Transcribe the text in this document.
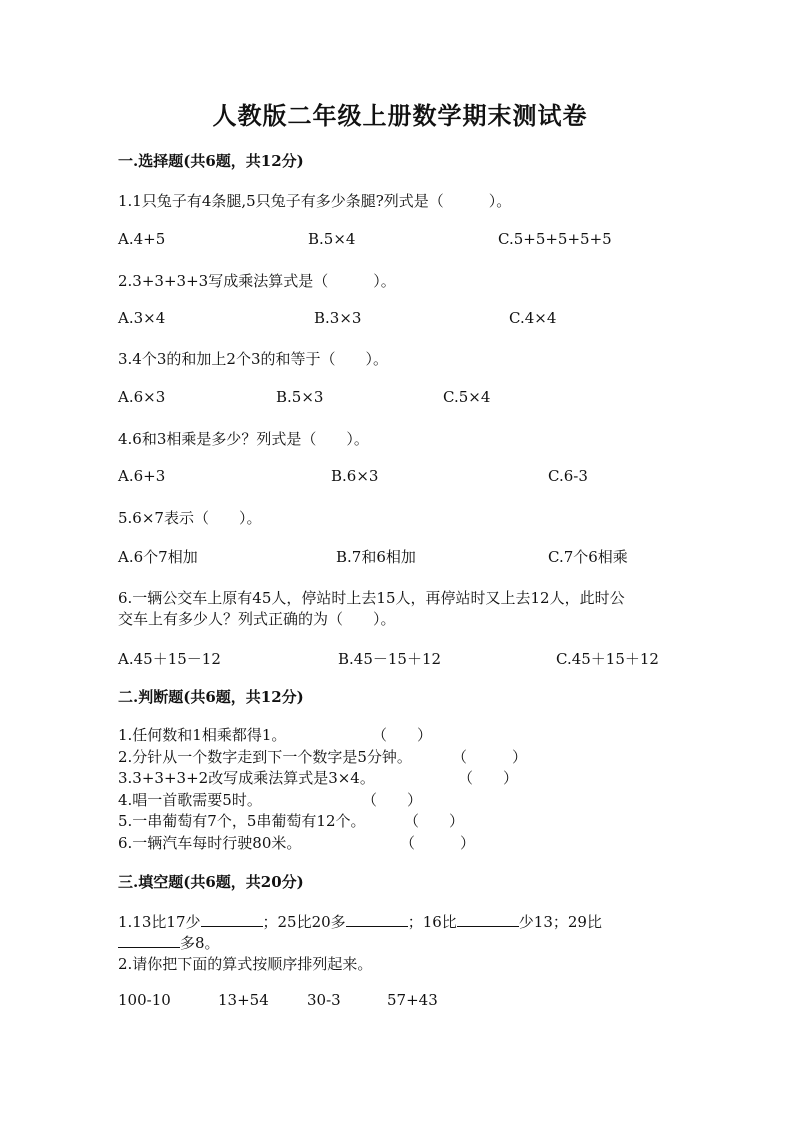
人教版二年级上册数学期末测试卷
一.选择题(共6题，共12分)
1.1只兔子有4条腿,5只兔子有多少条腿?列式是（　　　）。
A.4+5	B.5×4	C.5+5+5+5+5
2.3+3+3+3写成乘法算式是（　　　）。
A.3×4	B.3×3	C.4×4
3.4个3的和加上2个3的和等于（　　）。
A.6×3	B.5×3	C.5×4
4.6和3相乘是多少？列式是（　　）。
A.6+3	B.6×3	C.6-3
5.6×7表示（　　）。
A.6个7相加	B.7和6相加	C.7个6相乘
6.一辆公交车上原有45人，停站时上去15人，再停站时又上去12人，此时公
交车上有多少人？列式正确的为（　　）。
A.45＋15－12	B.45－15＋12	C.45＋15＋12
二.判断题(共6题，共12分)
1.任何数和1相乘都得1。	（　　）
2.分针从一个数字走到下一个数字是5分钟。	（　　　）
3.3+3+3+2改写成乘法算式是3×4。	（　　）
4.唱一首歌需要5时。	（　　）
5.一串葡萄有7个，5串葡萄有12个。	（　　）
6.一辆汽车每时行驶80米。	（　　　）
三.填空题(共6题，共20分)
1.13比17少	；25比20多	；16比	少13；29比
多8。
2.请你把下面的算式按顺序排列起来。
100-10	13+54	30-3	57+43
